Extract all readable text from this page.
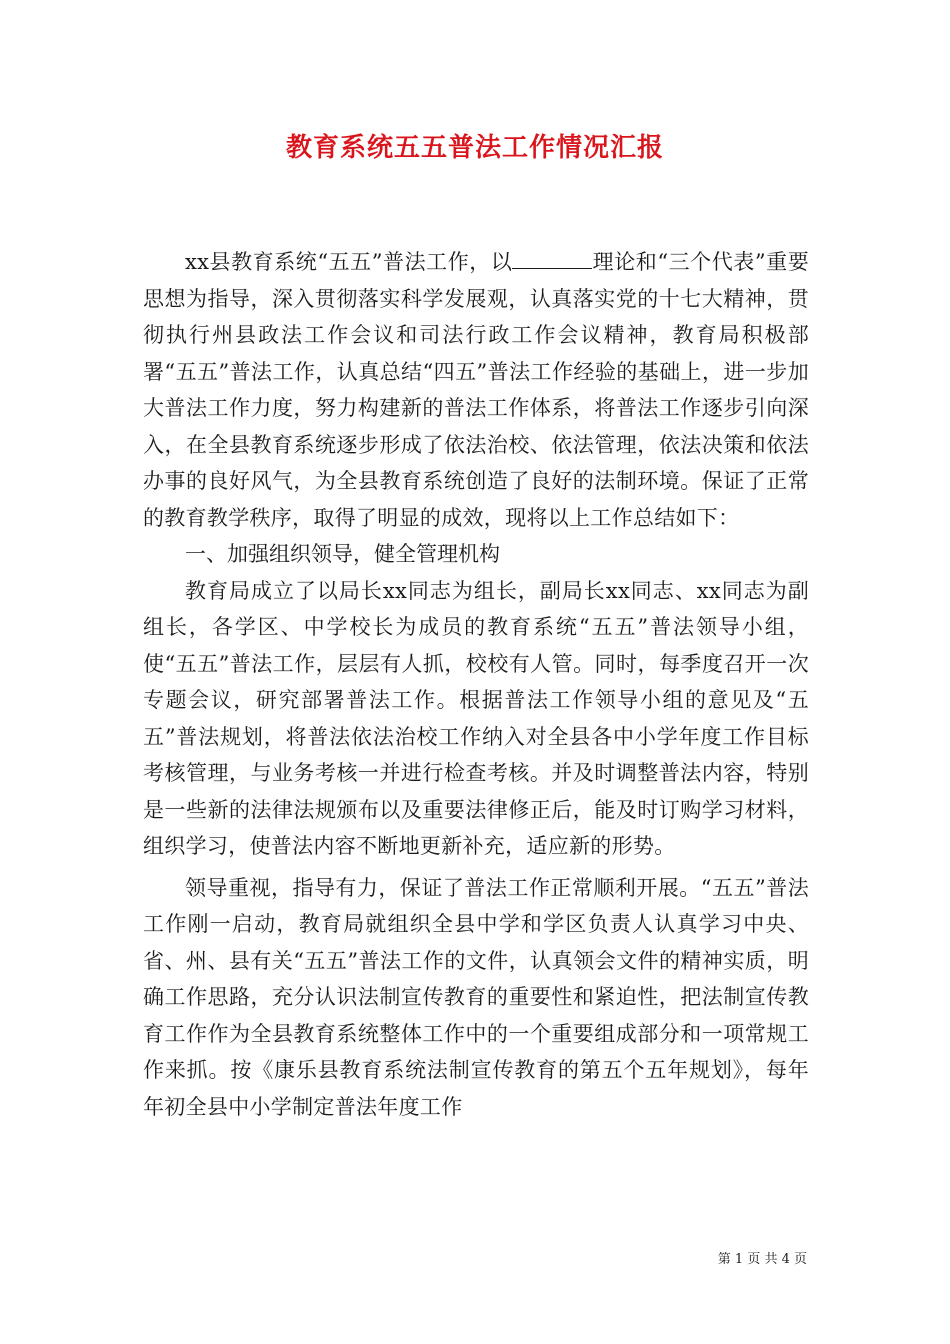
教育系统五五普法工作情况汇报

xx县教育系统“五五”普法工作，以	理论和“三个代表”重要思想为指导，深入贯彻落实科学发展观，认真落实党的十七大精神，贯彻执行州县政法工作会议和司法行政工作会议精神，教育局积极部署“五五”普法工作，认真总结“四五”普法工作经验的基础上，进一步加大普法工作力度，努力构建新的普法工作体系，将普法工作逐步引向深入，在全县教育系统逐步形成了依法治校、依法管理，依法决策和依法办事的良好风气，为全县教育系统创造了良好的法制环境。保证了正常的教育教学秩序，取得了明显的成效，现将以上工作总结如下：

一、加强组织领导，健全管理机构

教育局成立了以局长xx同志为组长，副局长xx同志、xx同志为副组长，各学区、中学校长为成员的教育系统“五五”普法领导小组，使“五五”普法工作，层层有人抓，校校有人管。同时，每季度召开一次专题会议，研究部署普法工作。根据普法工作领导小组的意见及“五五”普法规划，将普法依法治校工作纳入对全县各中小学年度工作目标考核管理，与业务考核一并进行检查考核。并及时调整普法内容，特别是一些新的法律法规颁布以及重要法律修正后，能及时订购学习材料，组织学习，使普法内容不断地更新补充，适应新的形势。

领导重视，指导有力，保证了普法工作正常顺利开展。“五五”普法工作刚一启动，教育局就组织全县中学和学区负责人认真学习中央、省、州、县有关“五五”普法工作的文件，认真领会文件的精神实质，明确工作思路，充分认识法制宣传教育的重要性和紧迫性，把法制宣传教育工作作为全县教育系统整体工作中的一个重要组成部分和一项常规工作来抓。按《康乐县教育系统法制宣传教育的第五个五年规划》，每年年初全县中小学制定普法年度工作

第 1 页 共 4 页
